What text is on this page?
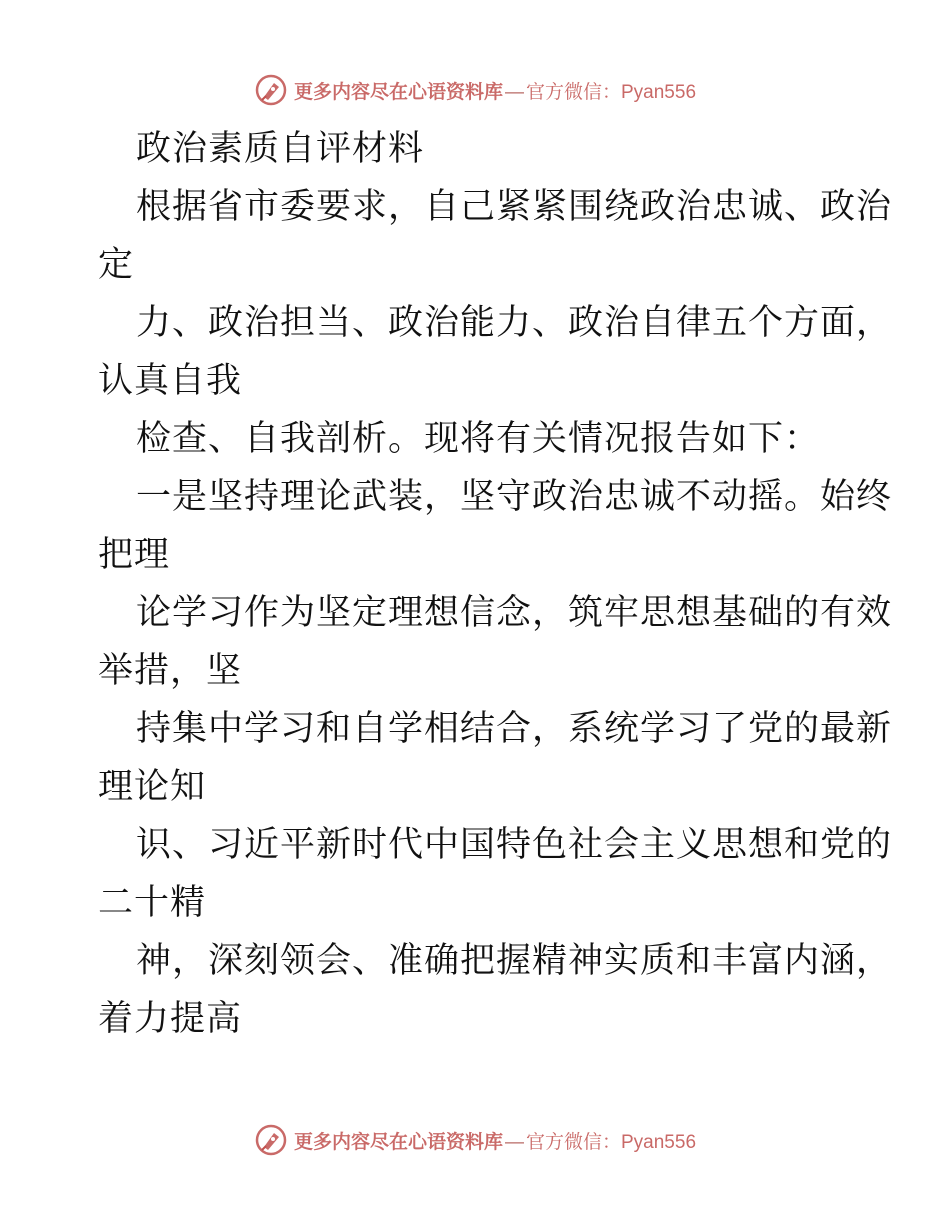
更多内容尽在心语资料库 — 官方微信： Pyan556
政治素质自评材料
根据省市委要求，自己紧紧围绕政治忠诚、政治
定
力、政治担当、政治能力、政治自律五个方面，
认真自我
检查、自我剖析。现将有关情况报告如下：
一是坚持理论武装，坚守政治忠诚不动摇。始终
把理
论学习作为坚定理想信念，筑牢思想基础的有效
举措，坚
持集中学习和自学相结合，系统学习了党的最新
理论知
识、习近平新时代中国特色社会主义思想和党的
二十精
神，深刻领会、准确把握精神实质和丰富内涵，
着力提高
更多内容尽在心语资料库 — 官方微信： Pyan556
